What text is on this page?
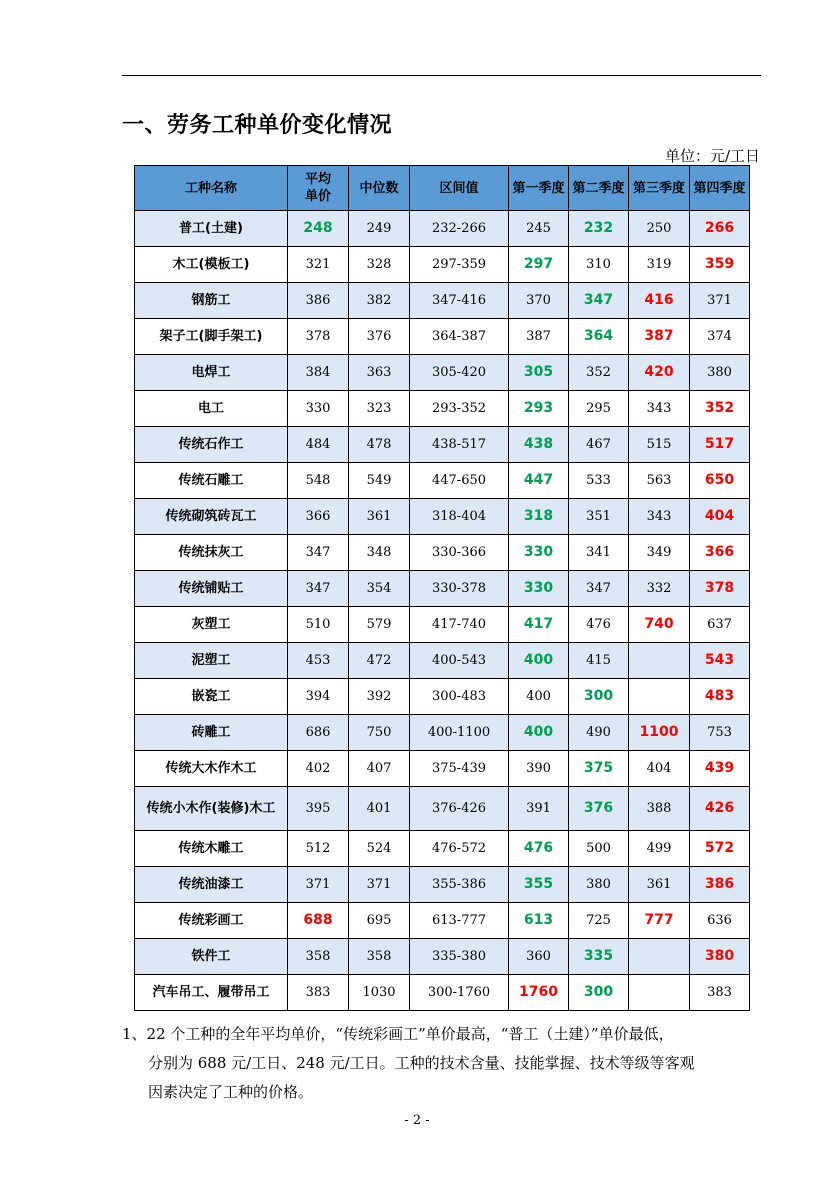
一、劳务工种单价变化情况
单位：元/工日
工种名称	平均单价	中位数	区间值	第一季度	第二季度	第三季度	第四季度
普工(土建)	248	249	232-266	245	232	250	266
木工(模板工)	321	328	297-359	297	310	319	359
钢筋工	386	382	347-416	370	347	416	371
架子工(脚手架工)	378	376	364-387	387	364	387	374
电焊工	384	363	305-420	305	352	420	380
电工	330	323	293-352	293	295	343	352
传统石作工	484	478	438-517	438	467	515	517
传统石雕工	548	549	447-650	447	533	563	650
传统砌筑砖瓦工	366	361	318-404	318	351	343	404
传统抹灰工	347	348	330-366	330	341	349	366
传统铺贴工	347	354	330-378	330	347	332	378
灰塑工	510	579	417-740	417	476	740	637
泥塑工	453	472	400-543	400	415		543
嵌瓷工	394	392	300-483	400	300		483
砖雕工	686	750	400-1100	400	490	1100	753
传统大木作木工	402	407	375-439	390	375	404	439
传统小木作(装修)木工	395	401	376-426	391	376	388	426
传统木雕工	512	524	476-572	476	500	499	572
传统油漆工	371	371	355-386	355	380	361	386
传统彩画工	688	695	613-777	613	725	777	636
铁件工	358	358	335-380	360	335		380
汽车吊工、履带吊工	383	1030	300-1760	1760	300		383
1、22 个工种的全年平均单价，“传统彩画工”单价最高，“普工（土建）”单价最低，
分别为 688 元/工日、248 元/工日。工种的技术含量、技能掌握、技术等级等客观
因素决定了工种的价格。
- 2 -
